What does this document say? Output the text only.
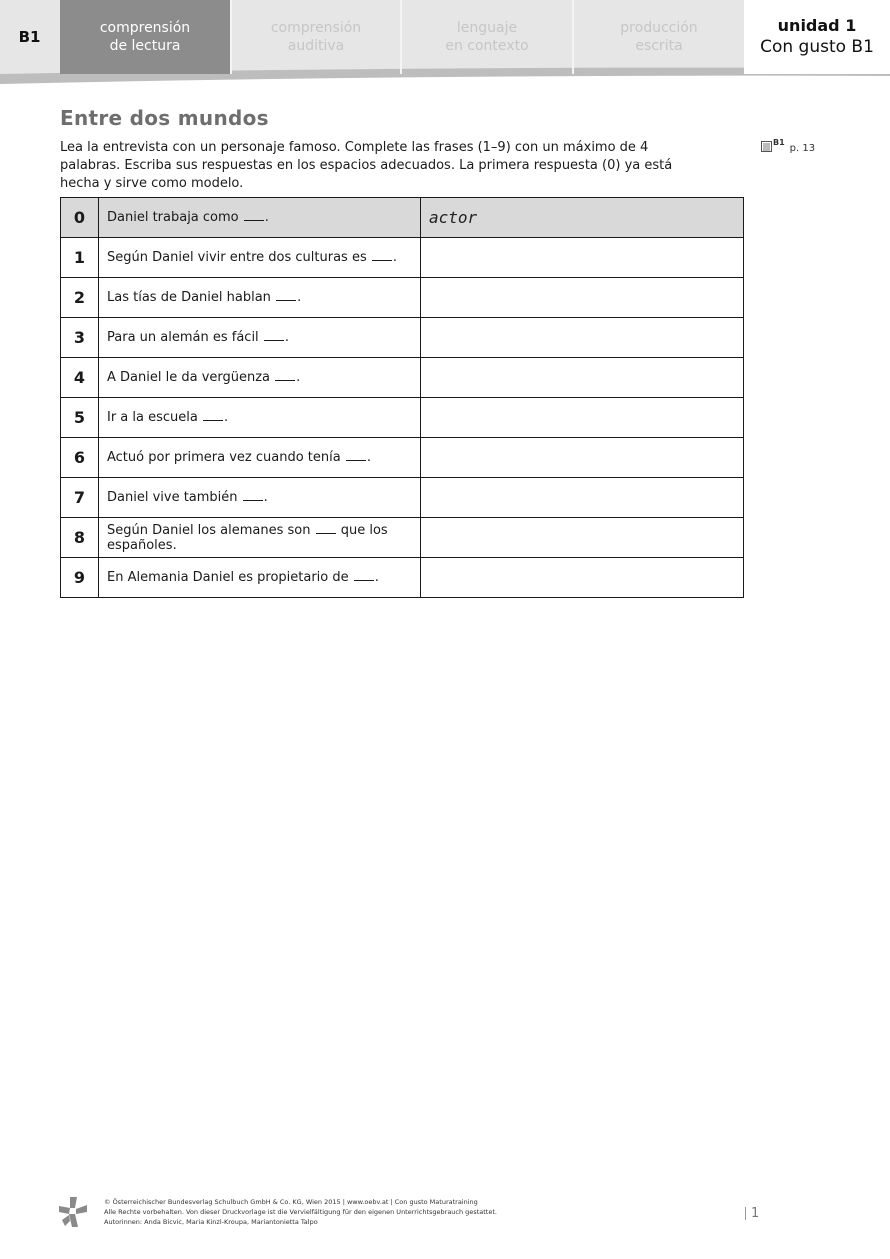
B1	comprensión
de lectura
comprensión
auditiva
lenguaje
en contexto
producción
escrita
unidad 1
Con gusto B1
Entre dos mundos
Lea la entrevista con un personaje famoso. Complete las frases (1–9) con un máximo de 4 palabras. Escriba sus respuestas en los espacios adecuados. La primera respuesta (0) ya está hecha y sirve como modelo.
B1
p. 13
0	Daniel trabaja como .	actor
1	Según Daniel vivir entre dos culturas es .	
2	Las tías de Daniel hablan .	
3	Para un alemán es fácil .	
4	A Daniel le da vergüenza .	
5	Ir a la escuela .	
6	Actuó por primera vez cuando tenía .	
7	Daniel vive también .	
8	Según Daniel los alemanes son que los españoles.	
9	En Alemania Daniel es propietario de .	
© Österreichischer Bundesverlag Schulbuch GmbH & Co. KG, Wien 2015 | www.oebv.at | Con gusto Maturatraining
Alle Rechte vorbehalten. Von dieser Druckvorlage ist die Vervielfältigung für den eigenen Unterrichtsgebrauch gestattet.
Autorinnen: Anda Bicvic, Maria Kinzl-Kroupa, Mariantonietta Talpo
1
